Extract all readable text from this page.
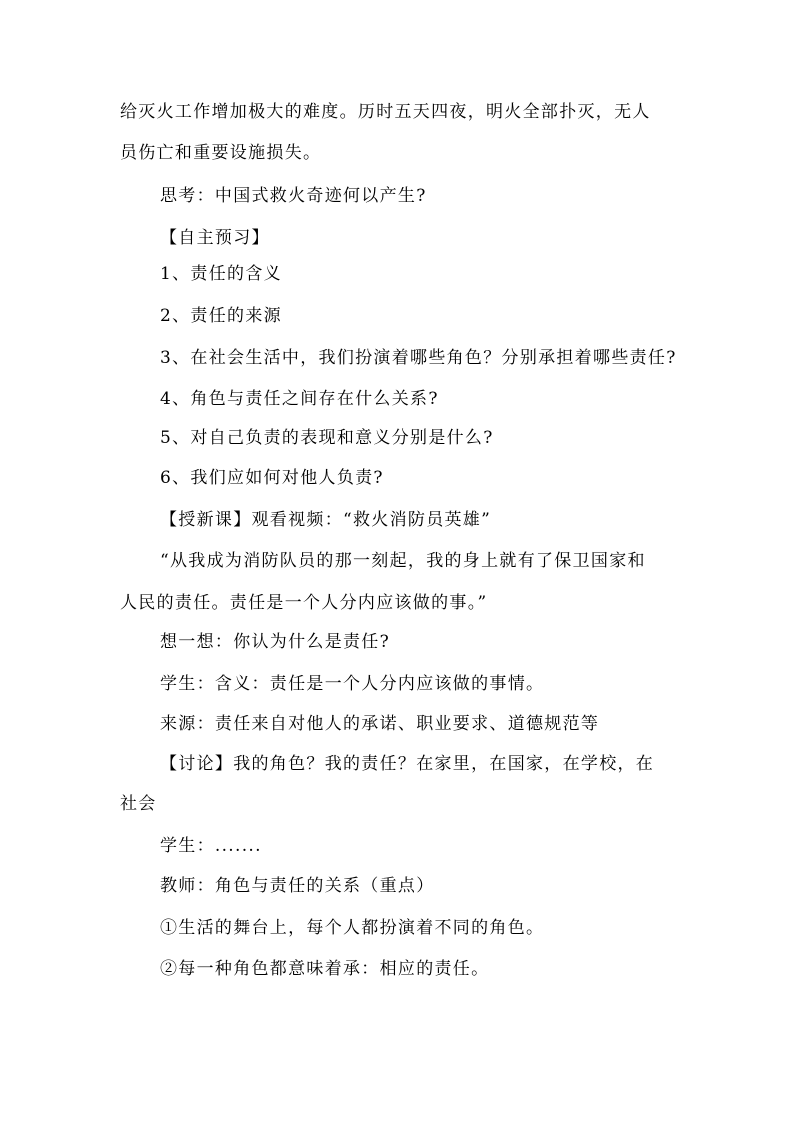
给灭火工作增加极大的难度。历时五天四夜，明火全部扑灭，无人
员伤亡和重要设施损失。
思考：中国式救火奇迹何以产生?
【自主预习】
1、责任的含义
2、责任的来源
3、在社会生活中，我们扮演着哪些角色？分别承担着哪些责任?
4、角色与责任之间存在什么关系?
5、对自己负责的表现和意义分别是什么?
6、我们应如何对他人负责?
【授新课】观看视频：“救火消防员英雄”
“从我成为消防队员的那一刻起，我的身上就有了保卫国家和
人民的责任。责任是一个人分内应该做的事。”
想一想：你认为什么是责任?
学生：含义：责任是一个人分内应该做的事情。
来源：责任来自对他人的承诺、职业要求、道德规范等
【讨论】我的角色？我的责任？在家里，在国家，在学校，在
社会
学生：.......
教师：角色与责任的关系（重点）
①生活的舞台上，每个人都扮演着不同的角色。
②每一种角色都意味着承：相应的责任。
